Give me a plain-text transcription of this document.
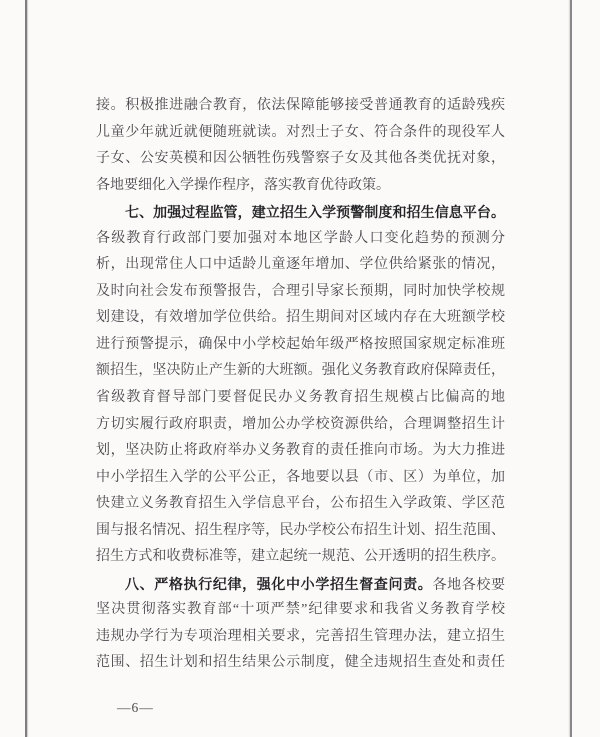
接。积极推进融合教育，依法保障能够接受普通教育的适龄残疾
儿童少年就近就便随班就读。对烈士子女、符合条件的现役军人
子女、公安英模和因公牺牲伤残警察子女及其他各类优抚对象，
各地要细化入学操作程序，落实教育优待政策。
七、加强过程监管，建立招生入学预警制度和招生信息平台。
各级教育行政部门要加强对本地区学龄人口变化趋势的预测分
析，出现常住人口中适龄儿童逐年增加、学位供给紧张的情况，
及时向社会发布预警报告，合理引导家长预期，同时加快学校规
划建设，有效增加学位供给。招生期间对区域内存在大班额学校
进行预警提示，确保中小学校起始年级严格按照国家规定标准班
额招生，坚决防止产生新的大班额。强化义务教育政府保障责任，
省级教育督导部门要督促民办义务教育招生规模占比偏高的地
方切实履行政府职责，增加公办学校资源供给，合理调整招生计
划，坚决防止将政府举办义务教育的责任推向市场。为大力推进
中小学招生入学的公平公正，各地要以县（市、区）为单位，加
快建立义务教育招生入学信息平台，公布招生入学政策、学区范
围与报名情况、招生程序等，民办学校公布招生计划、招生范围、
招生方式和收费标准等，建立起统一规范、公开透明的招生秩序。
八、严格执行纪律，强化中小学招生督查问责。各地各校要
坚决贯彻落实教育部“十项严禁”纪律要求和我省义务教育学校
违规办学行为专项治理相关要求，完善招生管理办法，建立招生
范围、招生计划和招生结果公示制度，健全违规招生查处和责任
—6—
